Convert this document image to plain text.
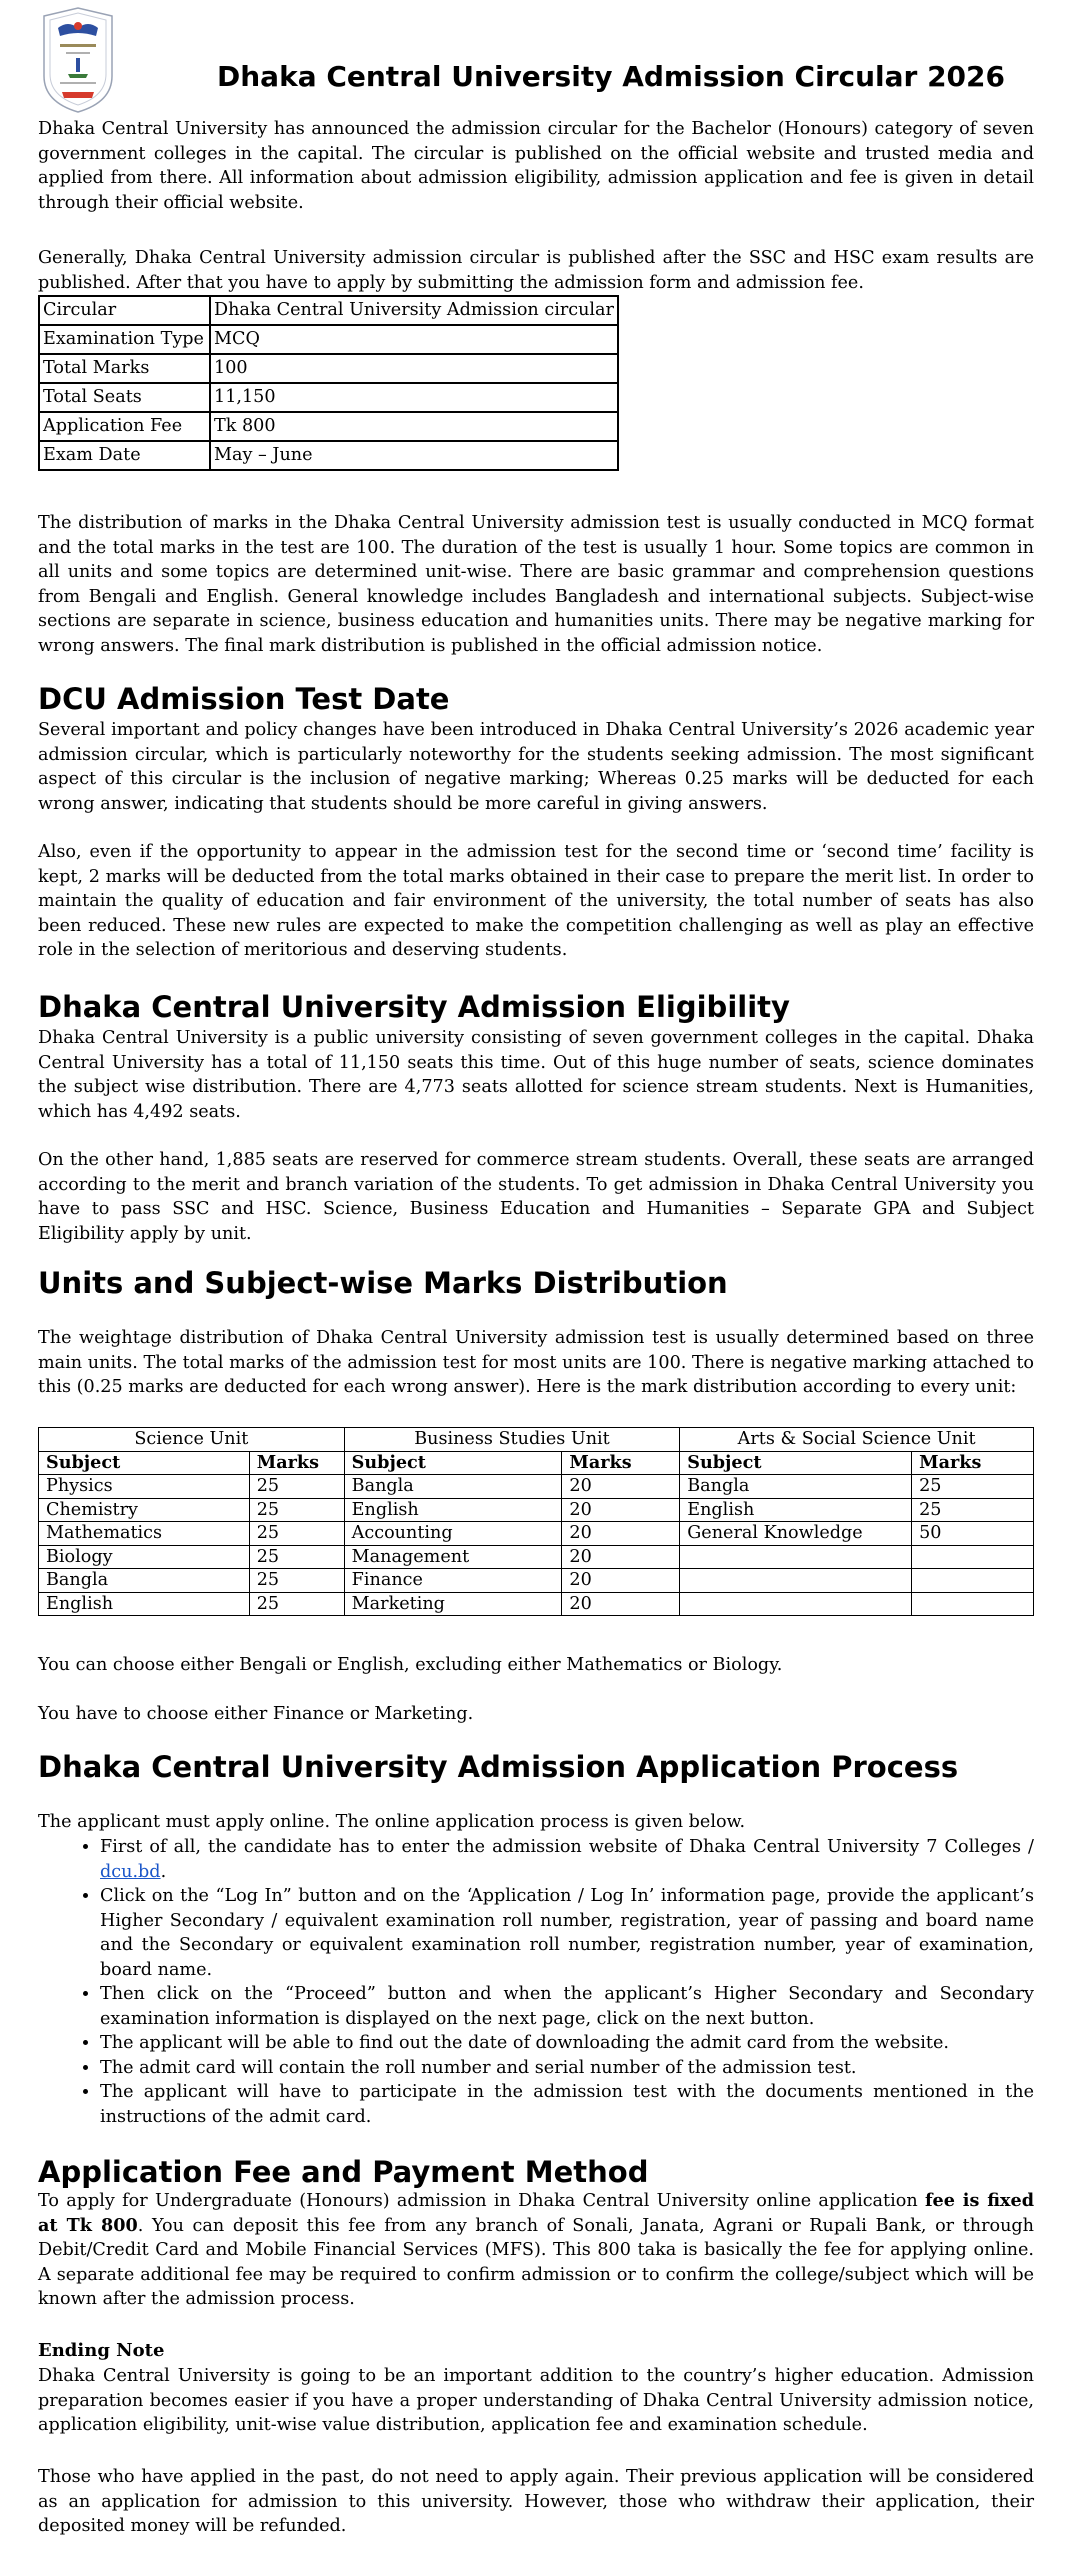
Dhaka Central University Admission Circular 2026

Dhaka Central University has announced the admission circular for the Bachelor (Honours) category of seven government colleges in the capital. The circular is published on the official website and trusted media and applied from there. All information about admission eligibility, admission application and fee is given in detail through their official website.

Generally, Dhaka Central University admission circular is published after the SSC and HSC exam results are published. After that you have to apply by submitting the admission form and admission fee.

Circular	Dhaka Central University Admission circular
Examination Type	MCQ
Total Marks	100
Total Seats	11,150
Application Fee	Tk 800
Exam Date	May – June

The distribution of marks in the Dhaka Central University admission test is usually conducted in MCQ format and the total marks in the test are 100. The duration of the test is usually 1 hour. Some topics are common in all units and some topics are determined unit-wise. There are basic grammar and comprehension questions from Bengali and English. General knowledge includes Bangladesh and international subjects. Subject-wise sections are separate in science, business education and humanities units. There may be negative marking for wrong answers. The final mark distribution is published in the official admission notice.

DCU Admission Test Date

Several important and policy changes have been introduced in Dhaka Central University’s 2026 academic year admission circular, which is particularly noteworthy for the students seeking admission. The most significant aspect of this circular is the inclusion of negative marking; Whereas 0.25 marks will be deducted for each wrong answer, indicating that students should be more careful in giving answers.

Also, even if the opportunity to appear in the admission test for the second time or ‘second time’ facility is kept, 2 marks will be deducted from the total marks obtained in their case to prepare the merit list. In order to maintain the quality of education and fair environment of the university, the total number of seats has also been reduced. These new rules are expected to make the competition challenging as well as play an effective role in the selection of meritorious and deserving students.

Dhaka Central University Admission Eligibility

Dhaka Central University is a public university consisting of seven government colleges in the capital. Dhaka Central University has a total of 11,150 seats this time. Out of this huge number of seats, science dominates the subject wise distribution. There are 4,773 seats allotted for science stream students. Next is Humanities, which has 4,492 seats.

On the other hand, 1,885 seats are reserved for commerce stream students. Overall, these seats are arranged according to the merit and branch variation of the students. To get admission in Dhaka Central University you have to pass SSC and HSC. Science, Business Education and Humanities – Separate GPA and Subject Eligibility apply by unit.

Units and Subject-wise Marks Distribution

The weightage distribution of Dhaka Central University admission test is usually determined based on three main units. The total marks of the admission test for most units are 100. There is negative marking attached to this (0.25 marks are deducted for each wrong answer). Here is the mark distribution according to every unit:

Science Unit		Business Studies Unit		Arts & Social Science Unit	
Subject	Marks	Subject	Marks	Subject	Marks
Physics	25	Bangla	20	Bangla	25
Chemistry	25	English	20	English	25
Mathematics	25	Accounting	20	General Knowledge	50
Biology	25	Management	20		
Bangla	25	Finance	20		
English	25	Marketing	20		

You can choose either Bengali or English, excluding either Mathematics or Biology.

You have to choose either Finance or Marketing.

Dhaka Central University Admission Application Process

The applicant must apply online. The online application process is given below.

• First of all, the candidate has to enter the admission website of Dhaka Central University 7 Colleges / dcu.bd.
• Click on the “Log In” button and on the ‘Application / Log In’ information page, provide the applicant’s Higher Secondary / equivalent examination roll number, registration, year of passing and board name and the Secondary or equivalent examination roll number, registration number, year of examination, board name.
• Then click on the “Proceed” button and when the applicant’s Higher Secondary and Secondary examination information is displayed on the next page, click on the next button.
• The applicant will be able to find out the date of downloading the admit card from the website.
• The admit card will contain the roll number and serial number of the admission test.
• The applicant will have to participate in the admission test with the documents mentioned in the instructions of the admit card.
Application Fee and Payment Method

To apply for Undergraduate (Honours) admission in Dhaka Central University online application fee is fixed at Tk 800. You can deposit this fee from any branch of Sonali, Janata, Agrani or Rupali Bank, or through Debit/Credit Card and Mobile Financial Services (MFS). This 800 taka is basically the fee for applying online. A separate additional fee may be required to confirm admission or to confirm the college/subject which will be known after the admission process.

Ending Note

Dhaka Central University is going to be an important addition to the country’s higher education. Admission preparation becomes easier if you have a proper understanding of Dhaka Central University admission notice, application eligibility, unit-wise value distribution, application fee and examination schedule.

Those who have applied in the past, do not need to apply again. Their previous application will be considered as an application for admission to this university. However, those who withdraw their application, their deposited money will be refunded.
